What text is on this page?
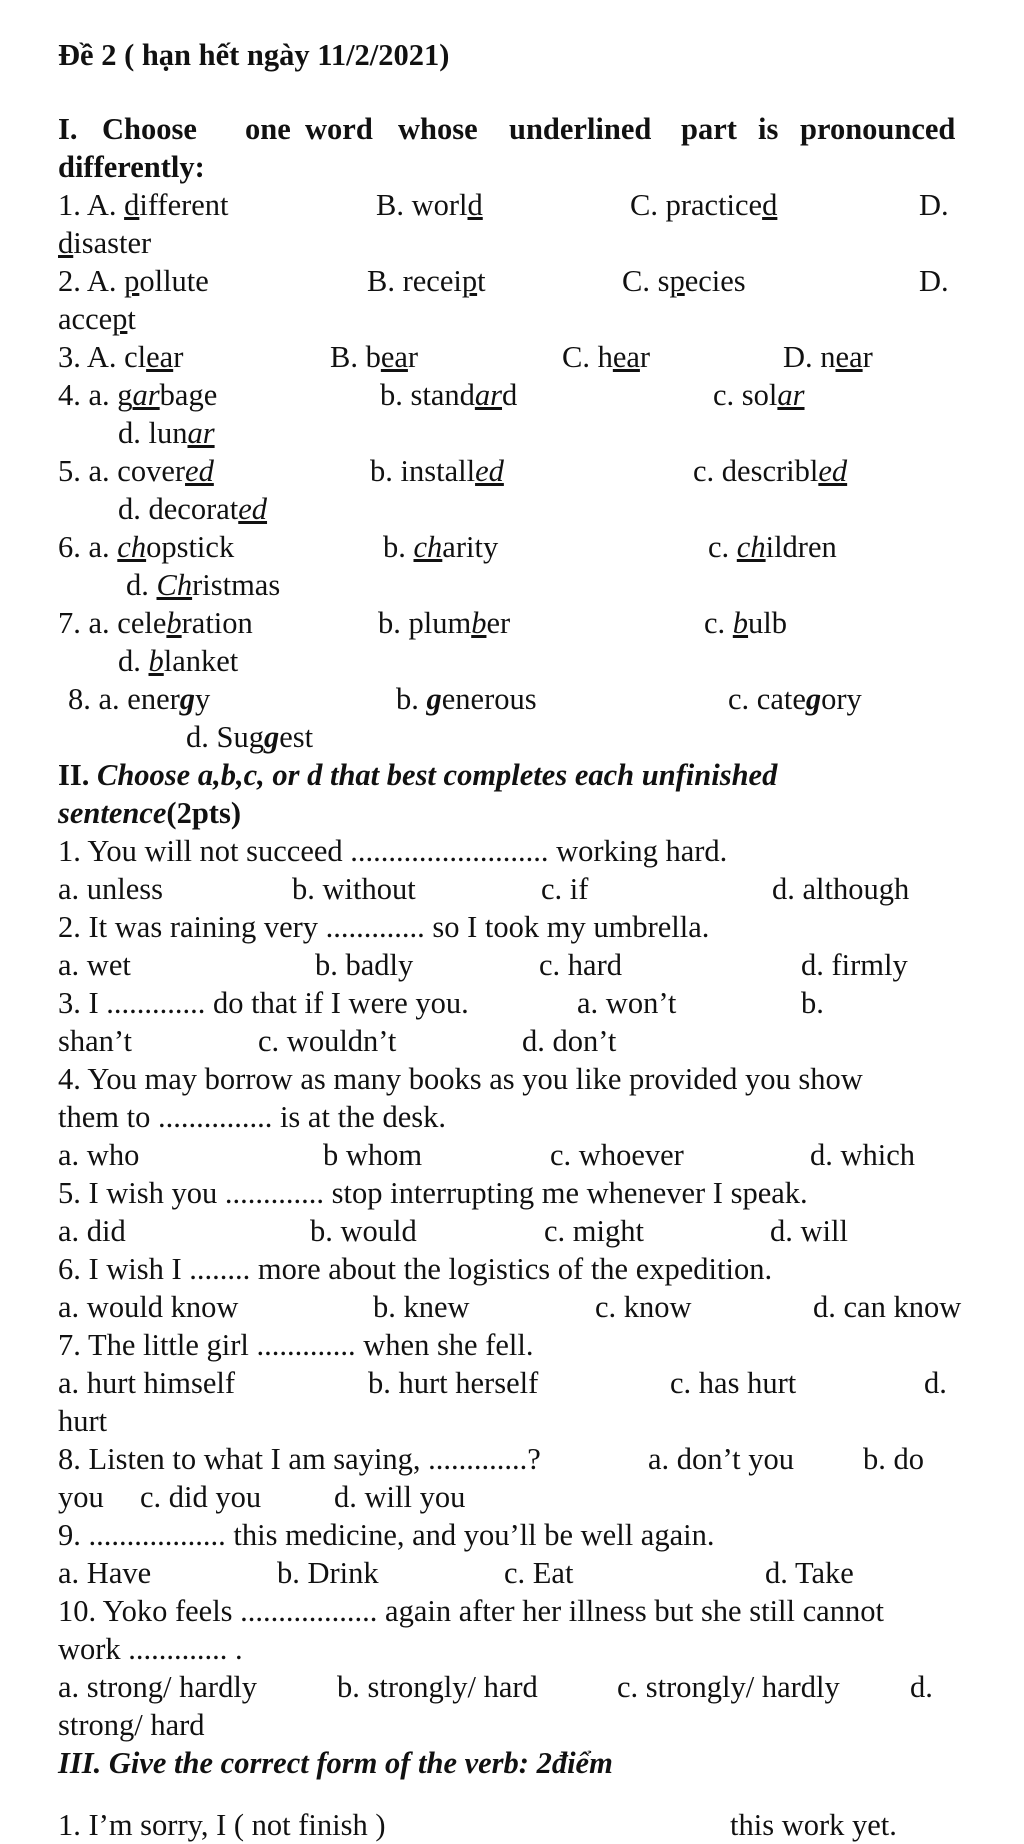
Đề 2 ( hạn hết ngày 11/2/2021)
I. Choose one word whose underlined part is pronounced
differently:
1. A. different	B. world	C. practiced	D.
disaster
2. A. pollute	B. receipt	C. species	D.
accept
3. A. clear	B. bear	C. hear	D. near
4. a. garbage	b. standard	c. solar
d. lunar
5. a. covered	b. installed	c. describled
d. decorated
6. a. chopstick	b. charity	c. children
d. Christmas
7. a. celebration	b. plumber	c. bulb
d. blanket
8. a. energy	b. generous	c. category
d. Suggest
II. Choose a,b,c, or d that best completes each unfinished
sentence(2pts)
1. You will not succeed .......................... working hard.
a. unless	b. without	c. if	d. although
2. It was raining very ............. so I took my umbrella.
a. wet	b. badly	c. hard	d. firmly
3. I ............. do that if I were you.	a. won’t	b.
shan’t	c. wouldn’t	d. don’t
4. You may borrow as many books as you like provided you show
them to ............... is at the desk.
a. who	b whom	c. whoever	d. which
5. I wish you ............. stop interrupting me whenever I speak.
a. did	b. would	c. might	d. will
6. I wish I ........ more about the logistics of the expedition.
a. would know	b. knew	c. know	d. can know
7. The little girl ............. when she fell.
a. hurt himself	b. hurt herself	c. has hurt	d.
hurt
8. Listen to what I am saying, .............?	a. don’t you b. do
you c. did you d. will you
9. .................. this medicine, and you’ll be well again.
a. Have	b. Drink	c. Eat	d. Take
10. Yoko feels .................. again after her illness but she still cannot
work ............. .
a. strong/ hardly	b. strongly/ hard	c. strongly/ hardly d.
strong/ hard
III. Give the correct form of the verb: 2điểm
1. I’m sorry, I ( not finish )	this work yet.
